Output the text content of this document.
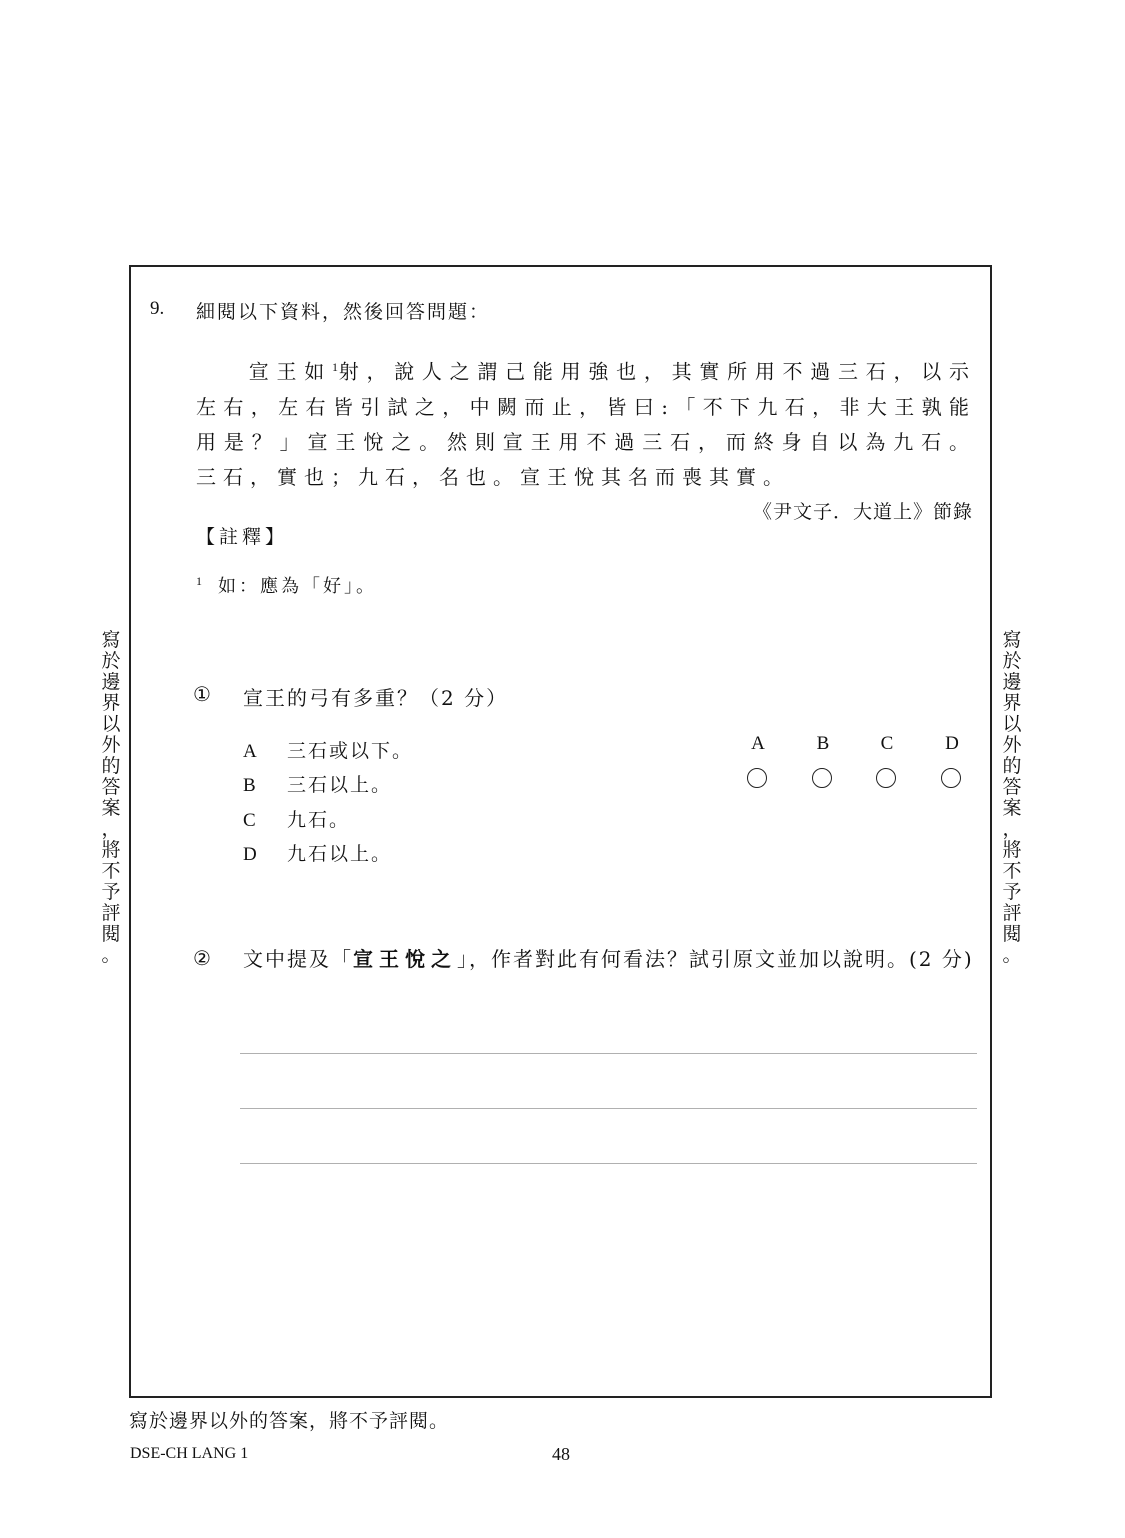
寫
於
邊
界
以
外
的
答
案
，
將
不
予
評
閱
。
寫
於
邊
界
以
外
的
答
案
，
將
不
予
評
閱
。
9. 細閱以下資料，然後回答問題：

宣王如$^1$射，說人之謂己能用強也，其實所用不過三石，以示左右，左右皆引試之，中闕而止，皆曰:「不下九石，非大王孰能用是？」宣王悅之。然則宣王用不過三石，而終身自以為九石。三石，實也；九石，名也。宣王悅其名而喪其實。

《尹文子．大道上》節錄
【註釋】
$^1$ 如：應為「好」。
① 宣王的弓有多重？（2 分）
A 三石或以下。
B 三石以上。
C 九石。
D 九石以上。
A	B	C	D
② 文中提及「宣王悅之」，作者對此有何看法？試引原文並加以說明。(2 分)
寫於邊界以外的答案，將不予評閱。
DSE-CH LANG 1	48
